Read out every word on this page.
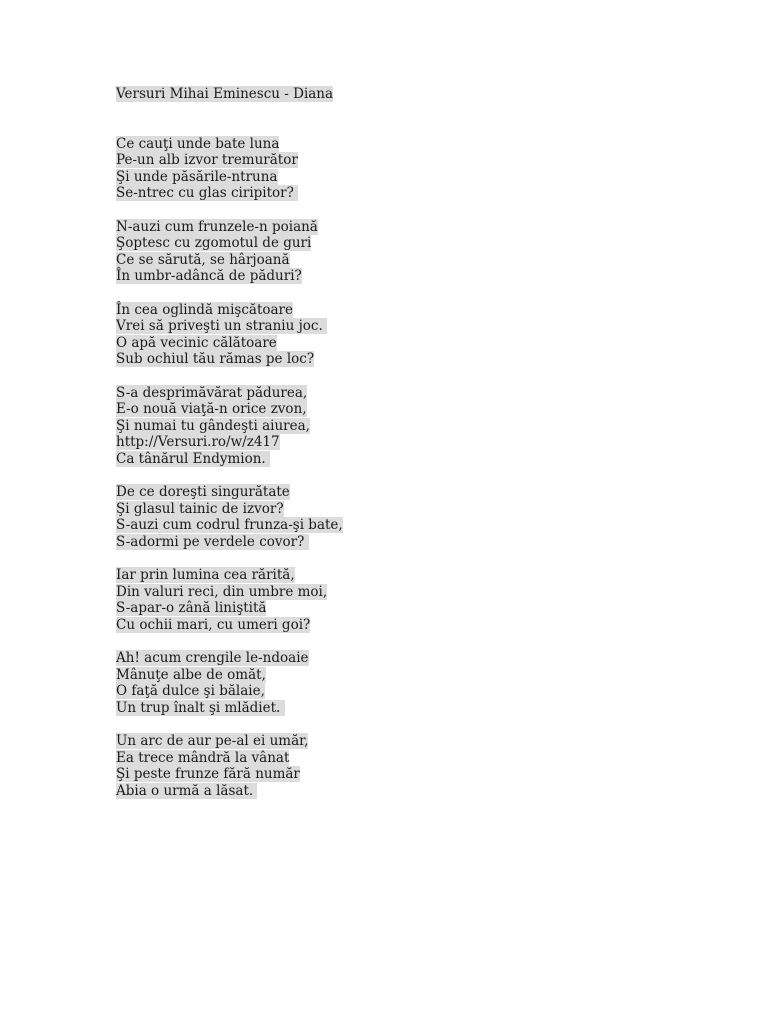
Versuri Mihai Eminescu - Diana
Ce cauţi unde bate luna
Pe-un alb izvor tremurător
Şi unde păsările-ntruna
Se-ntrec cu glas ciripitor?
N-auzi cum frunzele-n poiană
Şoptesc cu zgomotul de guri
Ce se sărută, se hârjoană
În umbr-adâncă de păduri?
În cea oglindă mişcătoare
Vrei să priveşti un straniu joc.
O apă vecinic călătoare
Sub ochiul tău rămas pe loc?
S-a desprimăvărat pădurea,
E-o nouă viaţă-n orice zvon,
Şi numai tu gândeşti aiurea,
http://Versuri.ro/w/z417
Ca tânărul Endymion.
De ce doreşti singurătate
Şi glasul tainic de izvor?
S-auzi cum codrul frunza-şi bate,
S-adormi pe verdele covor?
Iar prin lumina cea rărită,
Din valuri reci, din umbre moi,
S-apar-o zână liniştită
Cu ochii mari, cu umeri goi?
Ah! acum crengile le-ndoaie
Mânuţe albe de omăt,
O faţă dulce şi bălaie,
Un trup înalt şi mlădiet.
Un arc de aur pe-al ei umăr,
Ea trece mândră la vânat
Şi peste frunze fără număr
Abia o urmă a lăsat.
